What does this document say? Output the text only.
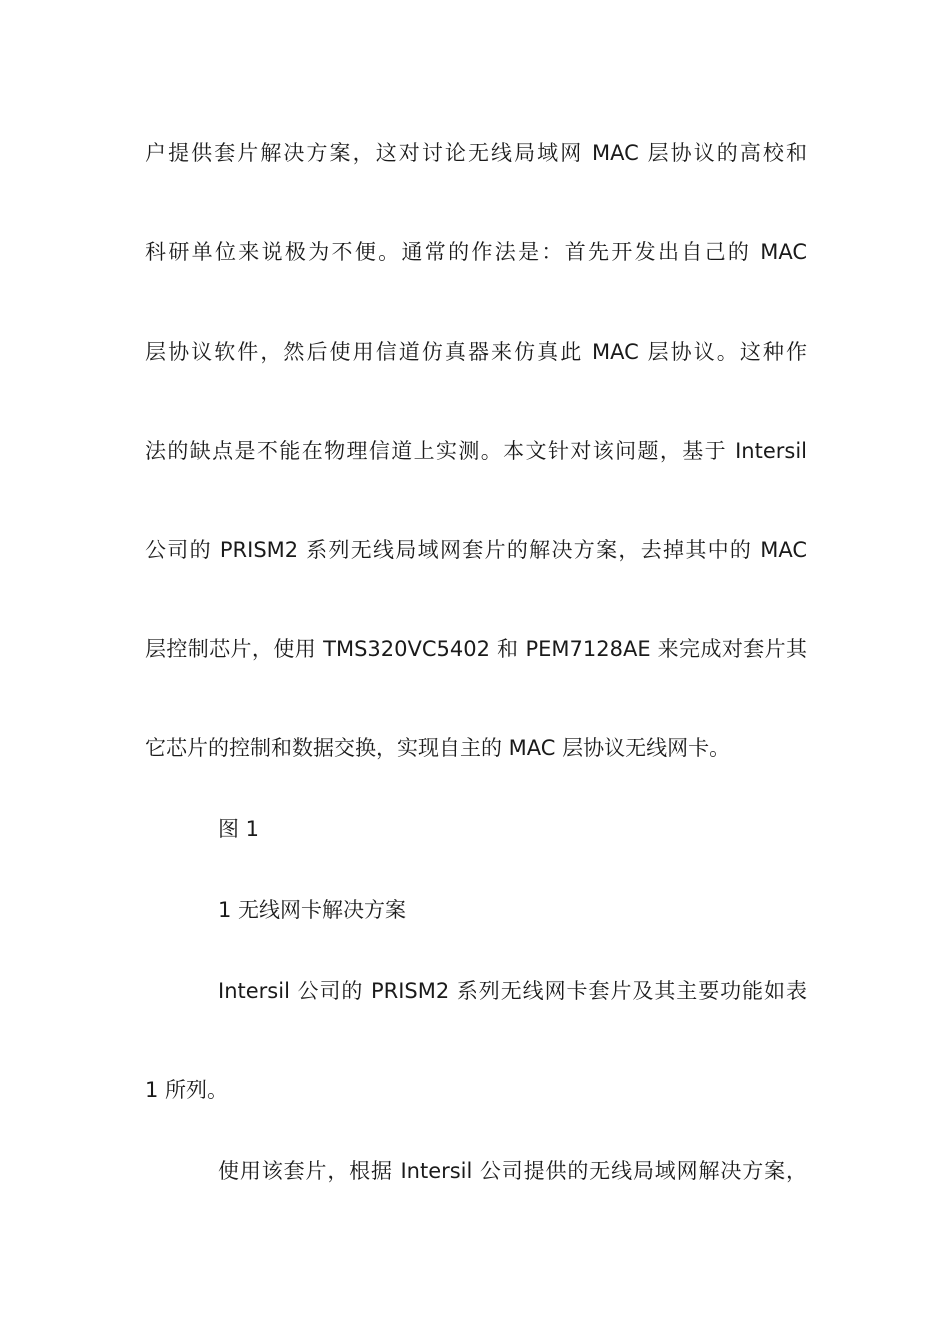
户提供套片解决方案，这对讨论无线局域网 MAC 层协议的高校和
科研单位来说极为不便。通常的作法是：首先开发出自己的 MAC
层协议软件，然后使用信道仿真器来仿真此 MAC 层协议。这种作
法的缺点是不能在物理信道上实测。本文针对该问题，基于 Intersil
公司的 PRISM2 系列无线局域网套片的解决方案，去掉其中的 MAC
层控制芯片，使用 TMS320VC5402 和 PEM7128AE 来完成对套片其
它芯片的控制和数据交换，实现自主的 MAC 层协议无线网卡。
图 1
1 无线网卡解决方案
Intersil 公司的 PRISM2 系列无线网卡套片及其主要功能如表
1 所列。
使用该套片，根据 Intersil 公司提供的无线局域网解决方案，
